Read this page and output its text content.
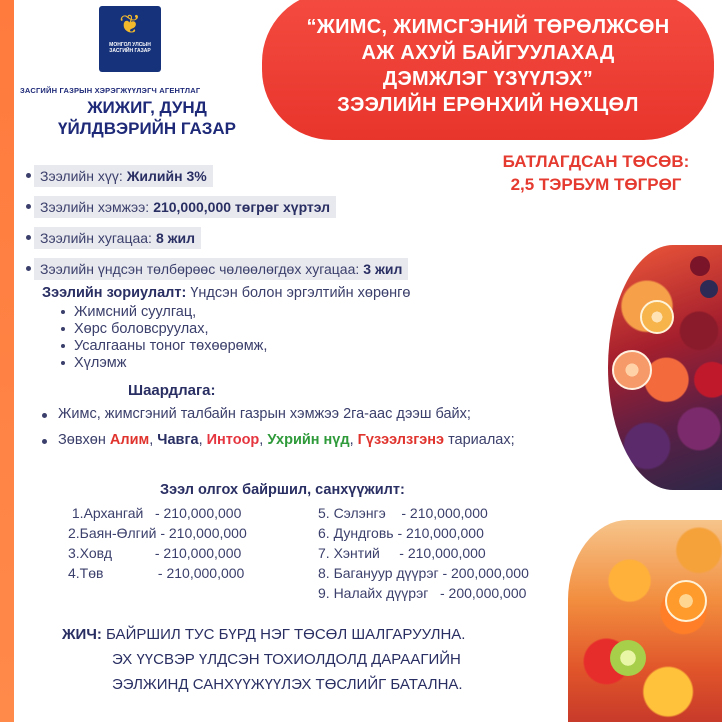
❦
МОНГОЛ УЛСЫН ЗАСГИЙН ГАЗАР
ЗАСГИЙН ГАЗРЫН ХЭРЭГЖҮҮЛЭГЧ АГЕНТЛАГ
ЖИЖИГ, ДУНД
ҮЙЛДВЭРИЙН ГАЗАР
“ЖИМС, ЖИМСГЭНИЙ ТӨРӨЛЖСӨН
АЖ АХУЙ БАЙГУУЛАХАД
ДЭМЖЛЭГ ҮЗҮҮЛЭХ”
ЗЭЭЛИЙН ЕРӨНХИЙ НӨХЦӨЛ
БАТЛАГДСАН ТӨСӨВ:
2,5 ТЭРБУМ ТӨГРӨГ
Зээлийн хүү: Жилийн 3%
Зээлийн хэмжээ: 210,000,000 төгрөг хүртэл
Зээлийн хугацаа: 8 жил
Зээлийн үндсэн төлбөрөөс чөлөөлөгдөх хугацаа: 3 жил
Зээлийн зориулалт: Үндсэн болон эргэлтийн хөрөнгө
Жимсний суулгац,
Хөрс боловсруулах,
Усалгааны тоног төхөөрөмж,
Хүлэмж
Шаардлага:
Жимс, жимсгэний талбайн газрын хэмжээ 2га-аас дээш байх;
Зөвхөн Алим, Чавга, Интоор, Ухрийн нүд, Гүзээлзгэнэ тариалах;
Зээл олгох байршил, санхүүжилт:
1.Архангай   - 210,000,000
2.Баян-Өлгий - 210,000,000
3.Ховд           - 210,000,000
4.Төв              - 210,000,000
5. Сэлэнгэ    - 210,000,000
6. Дундговь - 210,000,000
7. Хэнтий     - 210,000,000
8. Багануур дүүрэг - 200,000,000
9. Налайх дүүрэг   - 200,000,000
ЖИЧ: БАЙРШИЛ ТУС БҮРД НЭГ ТӨСӨЛ ШАЛГАРУУЛНА.
ЭХ ҮҮСВЭР ҮЛДСЭН ТОХИОЛДОЛД ДАРААГИЙН
ЭЭЛЖИНД САНХҮҮЖҮҮЛЭХ ТӨСЛИЙГ БАТАЛНА.
